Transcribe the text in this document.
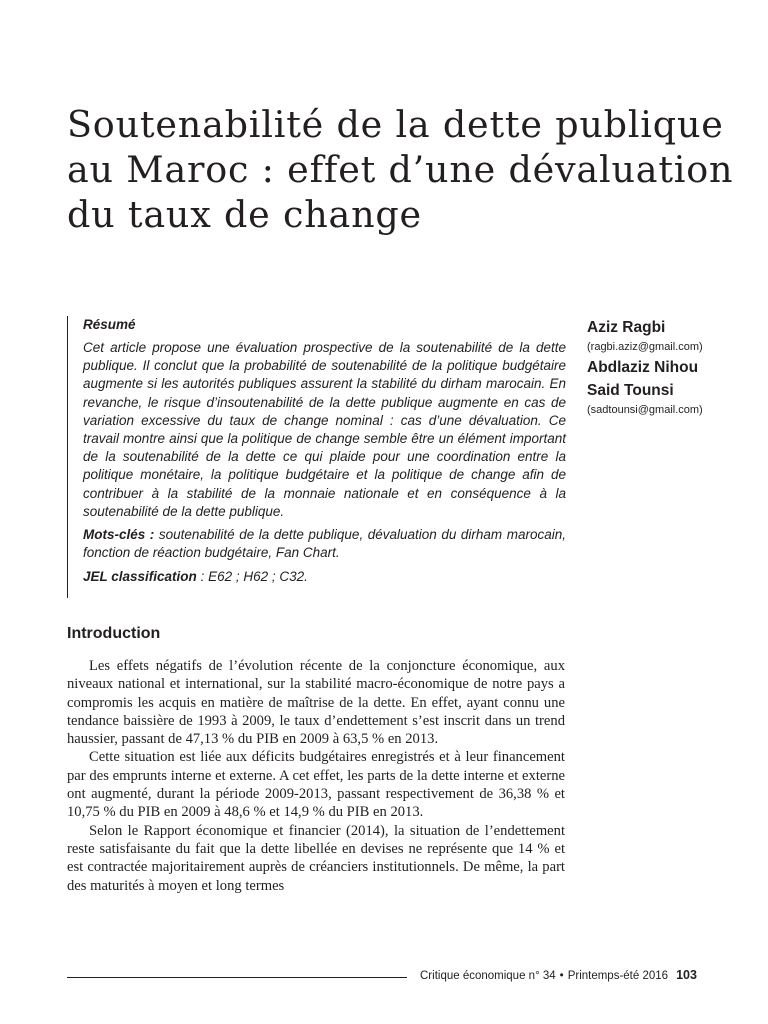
Soutenabilité de la dette publique
au Maroc : effet d’une dévaluation
du taux de change
Résumé

Cet article propose une évaluation prospective de la soutenabilité de la dette publique. Il conclut que la probabilité de soutenabilité de la politique budgétaire augmente si les autorités publiques assurent la stabilité du dirham marocain. En revanche, le risque d’insoutenabilité de la dette publique augmente en cas de variation excessive du taux de change nominal : cas d’une dévaluation. Ce travail montre ainsi que la politique de change semble être un élément important de la soutenabilité de la dette ce qui plaide pour une coordination entre la politique monétaire, la politique budgétaire et la politique de change afin de contribuer à la stabilité de la monnaie nationale et en conséquence à la soutenabilité de la dette publique.

Mots-clés : soutenabilité de la dette publique, dévaluation du dirham marocain, fonction de réaction budgétaire, Fan Chart.

JEL classification : E62 ; H62 ; C32.

Aziz Ragbi
(ragbi.aziz@gmail.com)
Abdlaziz Nihou
Said Tounsi
(sadtounsi@gmail.com)
Introduction

Les effets négatifs de l’évolution récente de la conjoncture économique, aux niveaux national et international, sur la stabilité macro-économique de notre pays a compromis les acquis en matière de maîtrise de la dette. En effet, ayant connu une tendance baissière de 1993 à 2009, le taux d’endettement s’est inscrit dans un trend haussier, passant de 47,13 % du PIB en 2009 à 63,5 % en 2013.

Cette situation est liée aux déficits budgétaires enregistrés et à leur financement par des emprunts interne et externe. A cet effet, les parts de la dette interne et externe ont augmenté, durant la période 2009-2013, passant respectivement de 36,38 % et 10,75 % du PIB en 2009 à 48,6 % et 14,9 % du PIB en 2013.

Selon le Rapport économique et financier (2014), la situation de l’endettement reste satisfaisante du fait que la dette libellée en devises ne représente que 14 % et est contractée majoritairement auprès de créanciers institutionnels. De même, la part des maturités à moyen et long termes

Critique économique n° 34 • Printemps-été 2016 103
